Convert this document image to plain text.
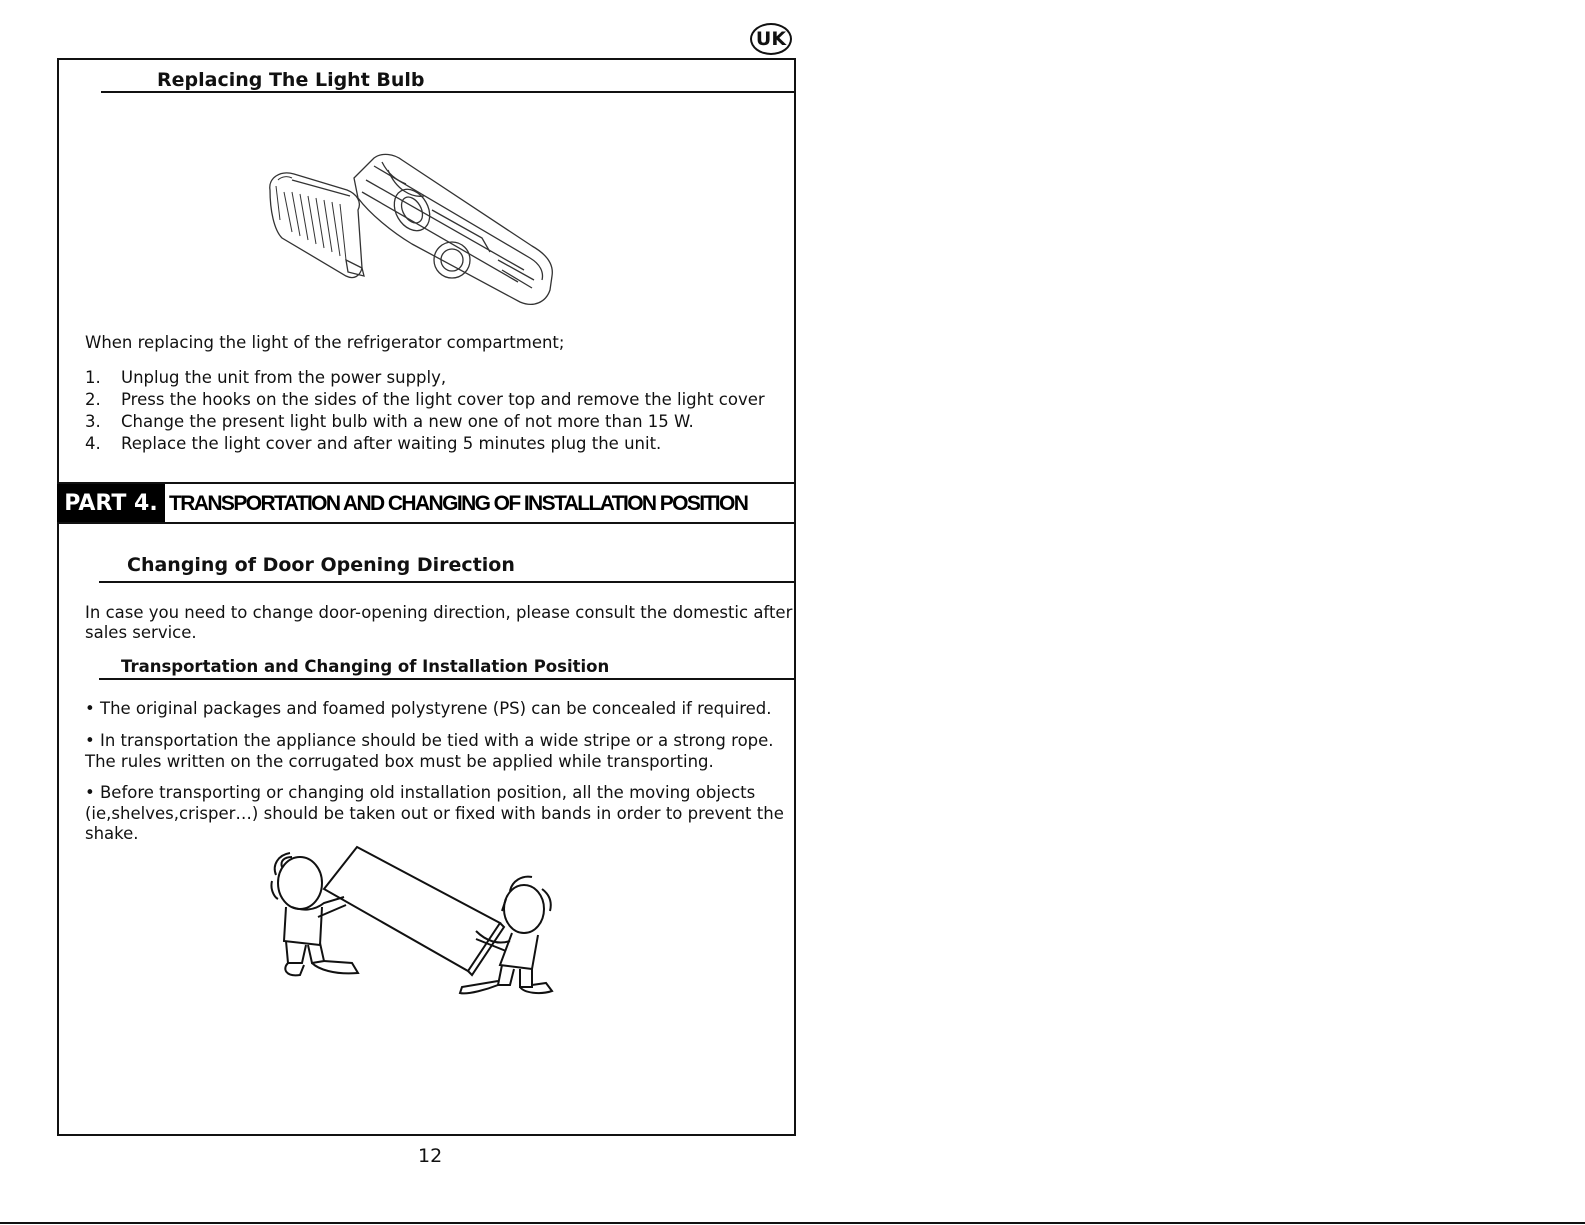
UK
Replacing The Light Bulb
When replacing the light of the refrigerator compartment;
1. Unplug the unit from the power supply,
2. Press the hooks on the sides of the light cover top and remove the light cover
3. Change the present light bulb with a new one of not more than 15 W.
4. Replace the light cover and after waiting 5 minutes plug the unit.
PART 4. TRANSPORTATION AND CHANGING OF INSTALLATION POSITION
Changing of Door Opening Direction
In case you need to change door-opening direction, please consult the domestic after
sales service.
Transportation and Changing of Installation Position
• The original packages and foamed polystyrene (PS) can be concealed if required.
• In transportation the appliance should be tied with a wide stripe or a strong rope. The rules written on the corrugated box must be applied while transporting.
• Before transporting or changing old installation position, all the moving objects (ie,shelves,crisper…) should be taken out or fixed with bands in order to prevent the shake.
12
